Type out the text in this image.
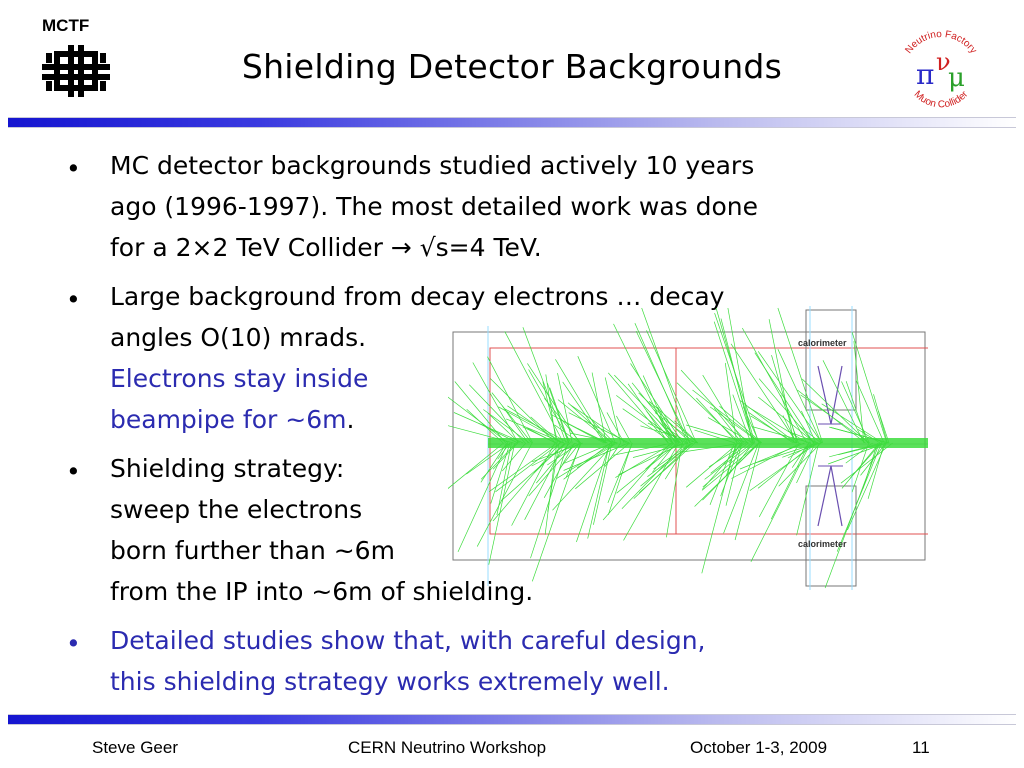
MCTF
Shielding Detector Backgrounds	Neutrino Factory
Muon Collider
π ν
μ
• MC detector backgrounds studied actively 10 years
ago (1996-1997). The most detailed work was done
for a 2×2 TeV Collider → √s=4 TeV.
• Large background from decay electrons … decay
angles O(10) mrads.
Electrons stay inside
beampipe for ~6m.
calorimeter
calorimeter
• Shielding strategy:
sweep the electrons
born further than ~6m
from the IP into ~6m of shielding.
• Detailed studies show that, with careful design,
this shielding strategy works extremely well.
Steve Geer	CERN Neutrino Workshop	October 1-3, 2009	11
